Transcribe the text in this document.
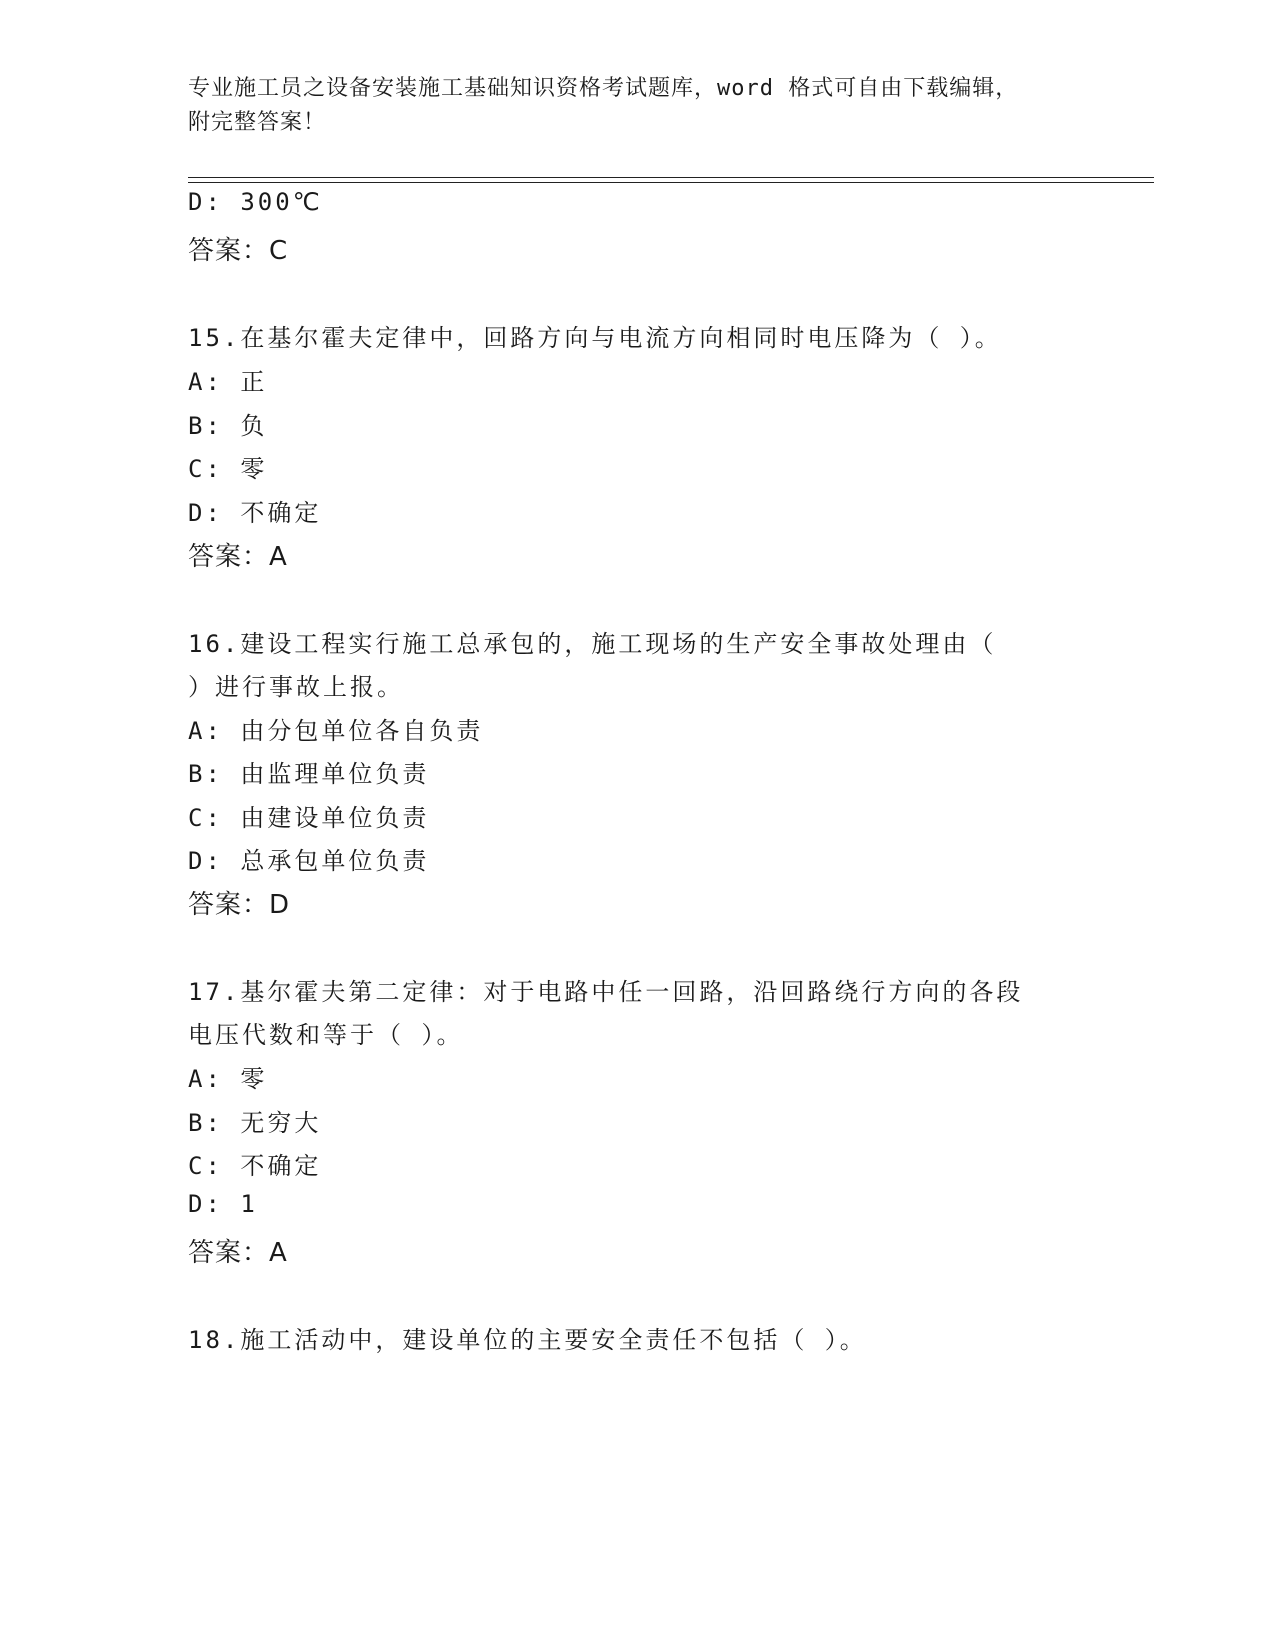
专业施工员之设备安装施工基础知识资格考试题库，word 格式可自由下载编辑，
附完整答案！
D: 300℃
答案：C
15.在基尔霍夫定律中，回路方向与电流方向相同时电压降为（ ）。
A: 正
B: 负
C: 零
D: 不确定
答案：A
16.建设工程实行施工总承包的，施工现场的生产安全事故处理由（
）进行事故上报。
A: 由分包单位各自负责
B: 由监理单位负责
C: 由建设单位负责
D: 总承包单位负责
答案：D
17.基尔霍夫第二定律：对于电路中任一回路，沿回路绕行方向的各段
电压代数和等于（ ）。
A: 零
B: 无穷大
C: 不确定
D: 1
答案：A
18.施工活动中，建设单位的主要安全责任不包括（ ）。
